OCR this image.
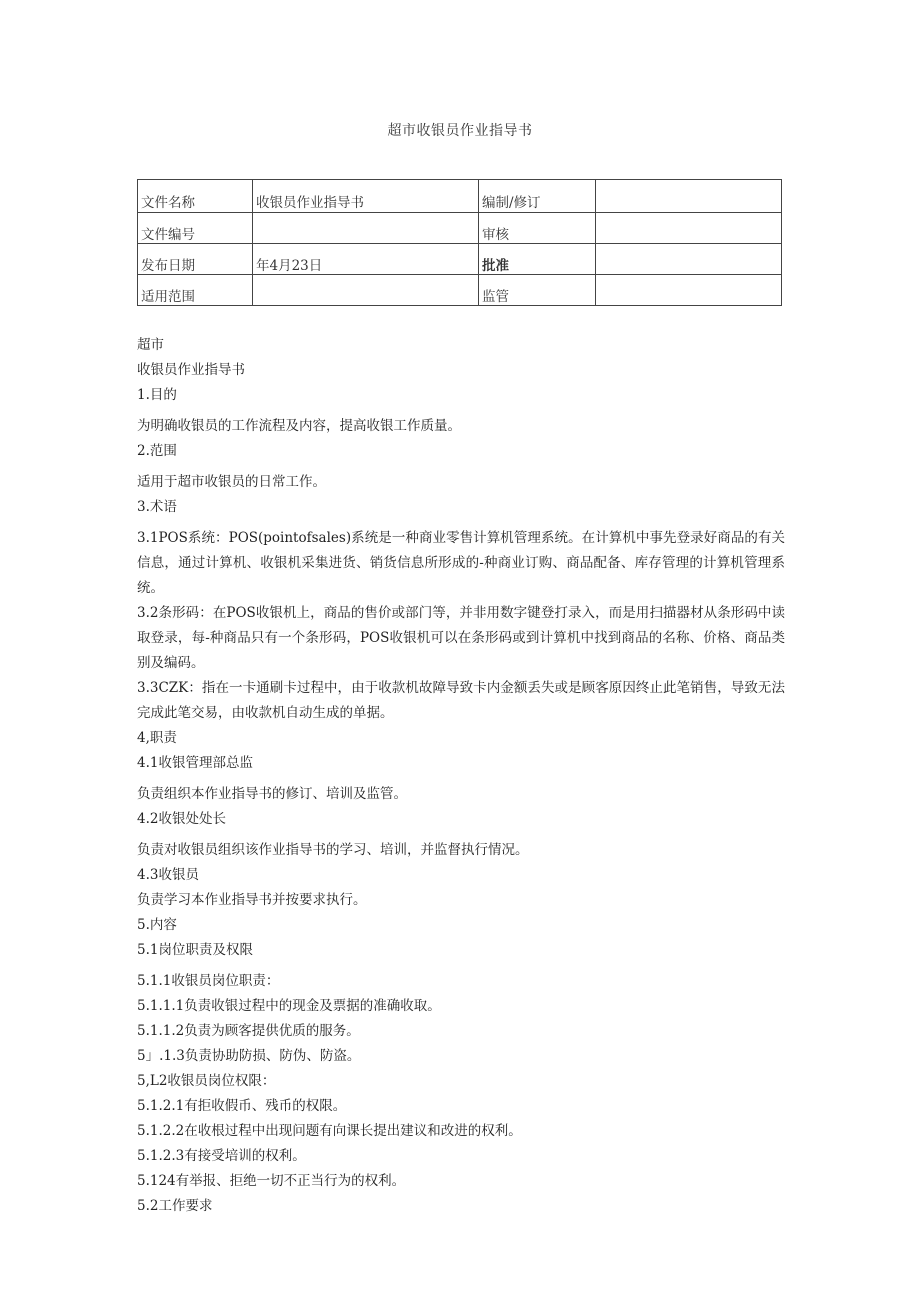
超市收银员作业指导书
文件名称	收银员作业指导书	编制/修订	
文件编号		审核	
发布日期	年4月23日	批准	
适用范围		监管	

超市

收银员作业指导书

1.目的

为明确收银员的工作流程及内容，提高收银工作质量。

2.范围

适用于超市收银员的日常工作。

3.术语

3.1POS系统：POS(pointofsales)系统是一种商业零售计算机管理系统。在计算机中事先登录好商品的有关信息，通过计算机、收银机采集进货、销货信息所形成的-种商业订购、商品配备、库存管理的计算机管理系统。

3.2条形码：在POS收银机上，商品的售价或部门等，并非用数字键登打录入，而是用扫描器材从条形码中读取登录，每-种商品只有一个条形码，POS收银机可以在条形码或到计算机中找到商品的名称、价格、商品类别及编码。

3.3CZK：指在一卡通刷卡过程中，由于收款机故障导致卡内金额丢失或是顾客原因终止此笔销售，导致无法完成此笔交易，由收款机自动生成的单据。

4,职责

4.1收银管理部总监

负责组织本作业指导书的修订、培训及监管。

4.2收银处处长

负责对收银员组织该作业指导书的学习、培训，并监督执行情况。

4.3收银员

负责学习本作业指导书并按要求执行。

5.内容

5.1岗位职责及权限

5.1.1收银员岗位职责：

5.1.1.1负责收银过程中的现金及票据的准确收取。

5.1.1.2负责为顾客提供优质的服务。

5」.1.3负责协助防损、防伪、防盗。

5,L2收银员岗位权限：

5.1.2.1有拒收假币、残币的权限。

5.1.2.2在收根过程中出现问题有向课长提出建议和改进的权利。

5.1.2.3有接受培训的权利。

5.124有举报、拒绝一切不正当行为的权利。

5.2工作要求
